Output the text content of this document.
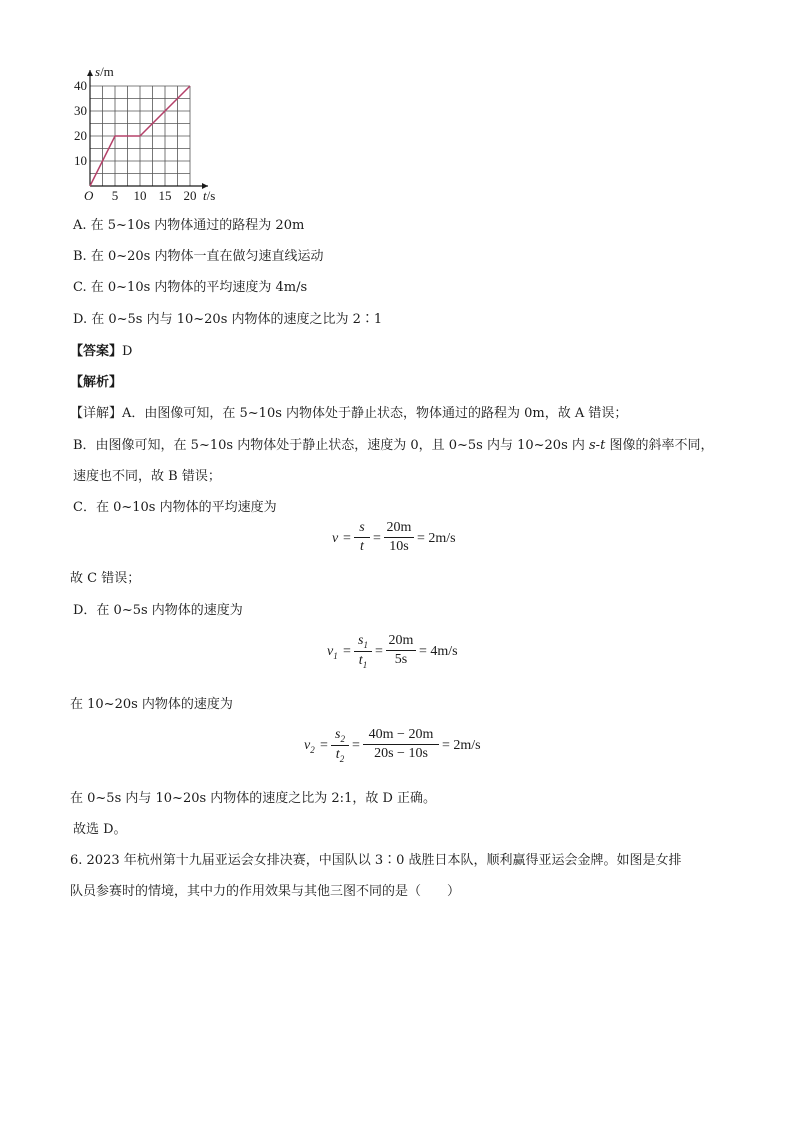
5 10 15 20
10
20
30
40
s/m
t/s
O
A. 在 5~10s 内物体通过的路程为 20m
B. 在 0~20s 内物体一直在做匀速直线运动
C. 在 0~10s 内物体的平均速度为 4m/s
D. 在 0~5s 内与 10~20s 内物体的速度之比为 2∶1
【答案】D
【解析】
【详解】A．由图像可知，在 5~10s 内物体处于静止状态，物体通过的路程为 0m，故 A 错误；
B．由图像可知，在 5~10s 内物体处于静止状态，速度为 0，且 0~5s 内与 10~20s 内 s-t 图像的斜率不同，
速度也不同，故 B 错误；
C．在 0~10s 内物体的平均速度为
v =
s
t
=
20m
10s
= 2m/s
故 C 错误；
D．在 0~5s 内物体的速度为
$v_1$ =
$s_1$
$t_1$
=
20m
5s
= 4m/s
在 10~20s 内物体的速度为
$v_2$ =
$s_2$
$t_2$
=
40m − 20m
20s − 10s
= 2m/s
在 0~5s 内与 10~20s 内物体的速度之比为 2:1，故 D 正确。
故选 D。
6. 2023 年杭州第十九届亚运会女排决赛，中国队以 3∶0 战胜日本队，顺利赢得亚运会金牌。如图是女排
队员参赛时的情境，其中力的作用效果与其他三图不同的是（　　）
